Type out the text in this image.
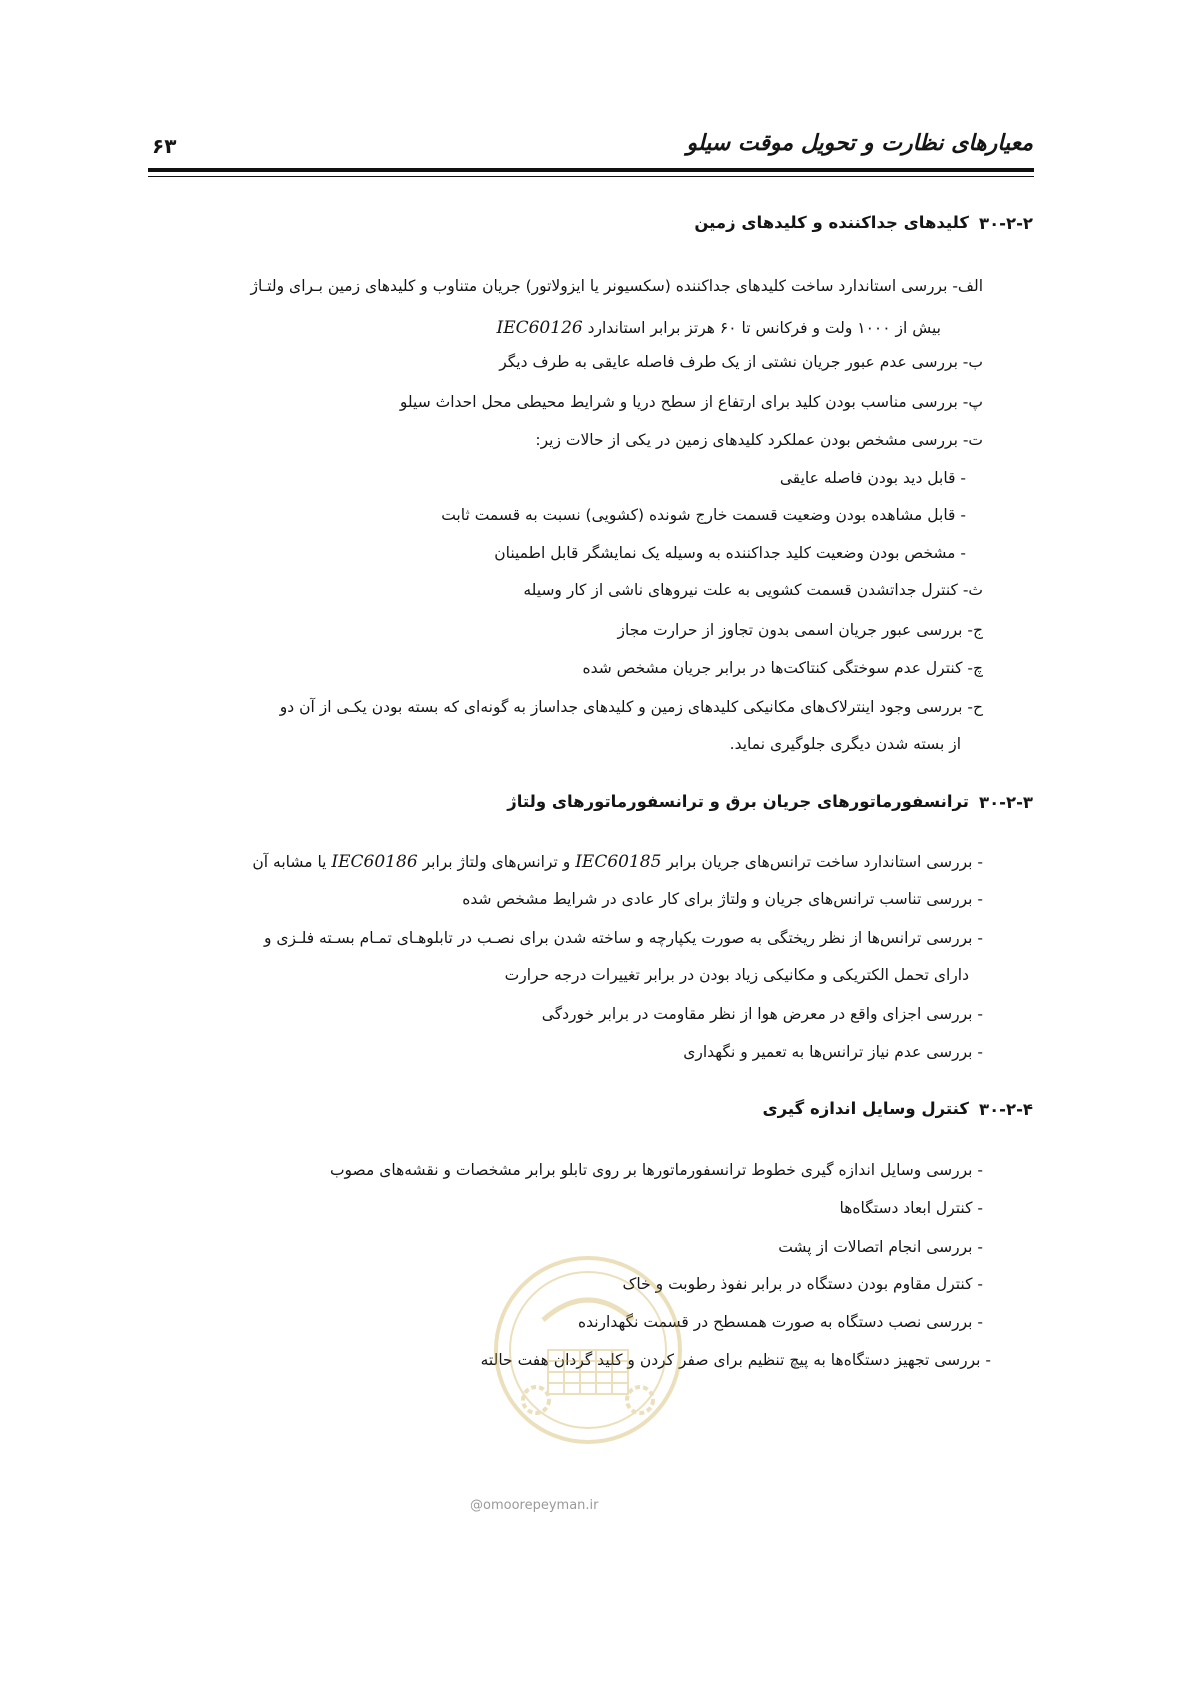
معیارهای نظارت و تحویل موقت سیلو
۶۳
۳۰-۲-۲
کلیدهای جداکننده و کلیدهای زمین
الف- بررسی استاندارد ساخت کلیدهای جداکننده (سکسیونر یا ایزولاتور) جریان متناوب و کلیدهای زمین بـرای ولتـاژ
بیش از ۱۰۰۰ ولت و فرکانس تا ۶۰ هرتز برابر استاندارد IEC60126
ب- بررسی عدم عبور جریان نشتی از یک طرف فاصله عایقی به طرف دیگر
پ- بررسی مناسب بودن کلید برای ارتفاع از سطح دریا و شرایط محیطی محل احداث سیلو
ت- بررسی مشخص بودن عملکرد کلیدهای زمین در یکی از حالات زیر:
- قابل دید بودن فاصله عایقی
- قابل مشاهده بودن وضعیت قسمت خارج شونده (کشویی) نسبت به قسمت ثابت
- مشخص بودن وضعیت کلید جداکننده به وسیله یک نمایشگر قابل اطمینان
ث- کنترل جداتشدن قسمت کشویی به علت نیروهای ناشی از کار وسیله
ج- بررسی عبور جریان اسمی بدون تجاوز از حرارت مجاز
چ- کنترل عدم سوختگی کنتاکت‌ها در برابر جریان مشخص شده
ح- بررسی وجود اینترلاک‌های مکانیکی کلیدهای زمین و کلیدهای جداساز به گونه‌ای که بسته بودن یکـی از آن دو
از بسته شدن دیگری جلوگیری نماید.
۳۰-۲-۳
ترانسفورماتورهای جریان برق و ترانسفورماتورهای ولتاژ
- بررسی استاندارد ساخت ترانس‌های جریان برابر IEC60185 و ترانس‌های ولتاژ برابر IEC60186 یا مشابه آن
- بررسی تناسب ترانس‌های جریان و ولتاژ برای کار عادی در شرایط مشخص شده
- بررسی ترانس‌ها از نظر ریختگی به صورت یکپارچه و ساخته شدن برای نصـب در تابلوهـای تمـام بسـته فلـزی و
دارای تحمل الکتریکی و مکانیکی زیاد بودن در برابر تغییرات درجه حرارت
- بررسی اجزای واقع در معرض هوا از نظر مقاومت در برابر خوردگی
- بررسی عدم نیاز ترانس‌ها به تعمیر و نگهداری
۳۰-۲-۴
کنترل وسایل اندازه گیری
- بررسی وسایل اندازه گیری خطوط ترانسفورماتورها بر روی تابلو برابر مشخصات و نقشه‌های مصوب
- کنترل ابعاد دستگاه‌ها
- بررسی انجام اتصالات از پشت
- کنترل مقاوم بودن دستگاه در برابر نفوذ رطوبت و خاک
- بررسی نصب دستگاه به صورت همسطح در قسمت نگهدارنده
- بررسی تجهیز دستگاه‌ها به پیچ تنظیم برای صفر کردن و کلید گردان هفت حالته
@omoorepeyman.ir
